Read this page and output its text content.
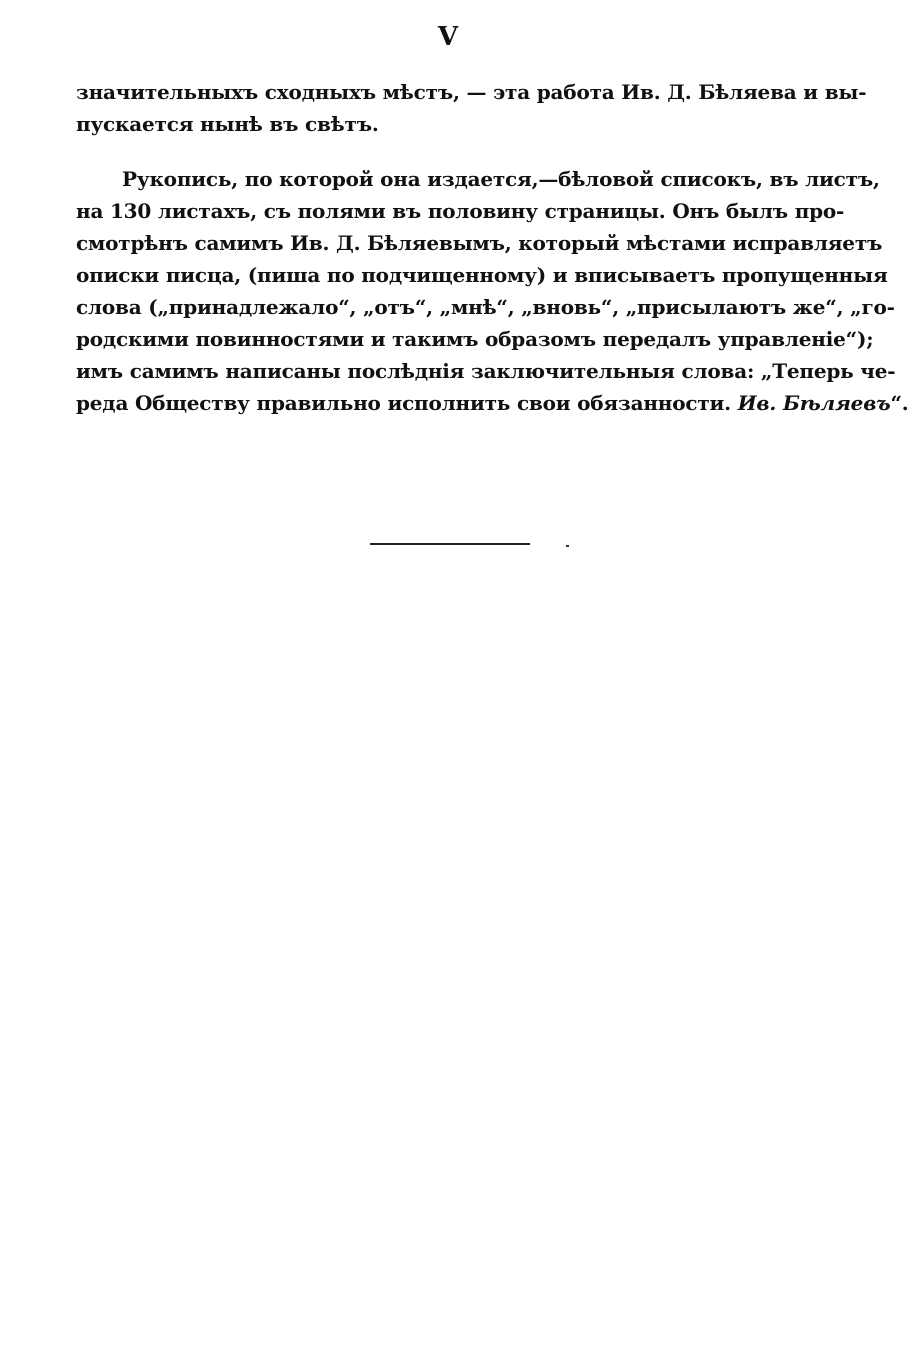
V
значительныхъ сходныхъ мѣстъ, — эта работа Ив. Д. Бѣляева и вы-
пускается нынѣ въ свѣтъ.
Рукопись, по которой она издается,—бѣловой списокъ, въ листъ,
на 130 листахъ, съ полями въ половину страницы. Онъ былъ про-
смотрѣнъ самимъ Ив. Д. Бѣляевымъ, который мѣстами исправляетъ
описки писца, (пиша по подчищенному) и вписываетъ пропущенныя
слова („принадлежало“, „отъ“, „мнѣ“, „вновь“, „присылаютъ же“, „го-
родскими повинностями и такимъ образомъ передалъ управленіе“);
имъ самимъ написаны послѣднія заключительныя слова: „Теперь че-
реда Обществу правильно исполнить свои обязанности. Ив. Бѣляевъ“.
